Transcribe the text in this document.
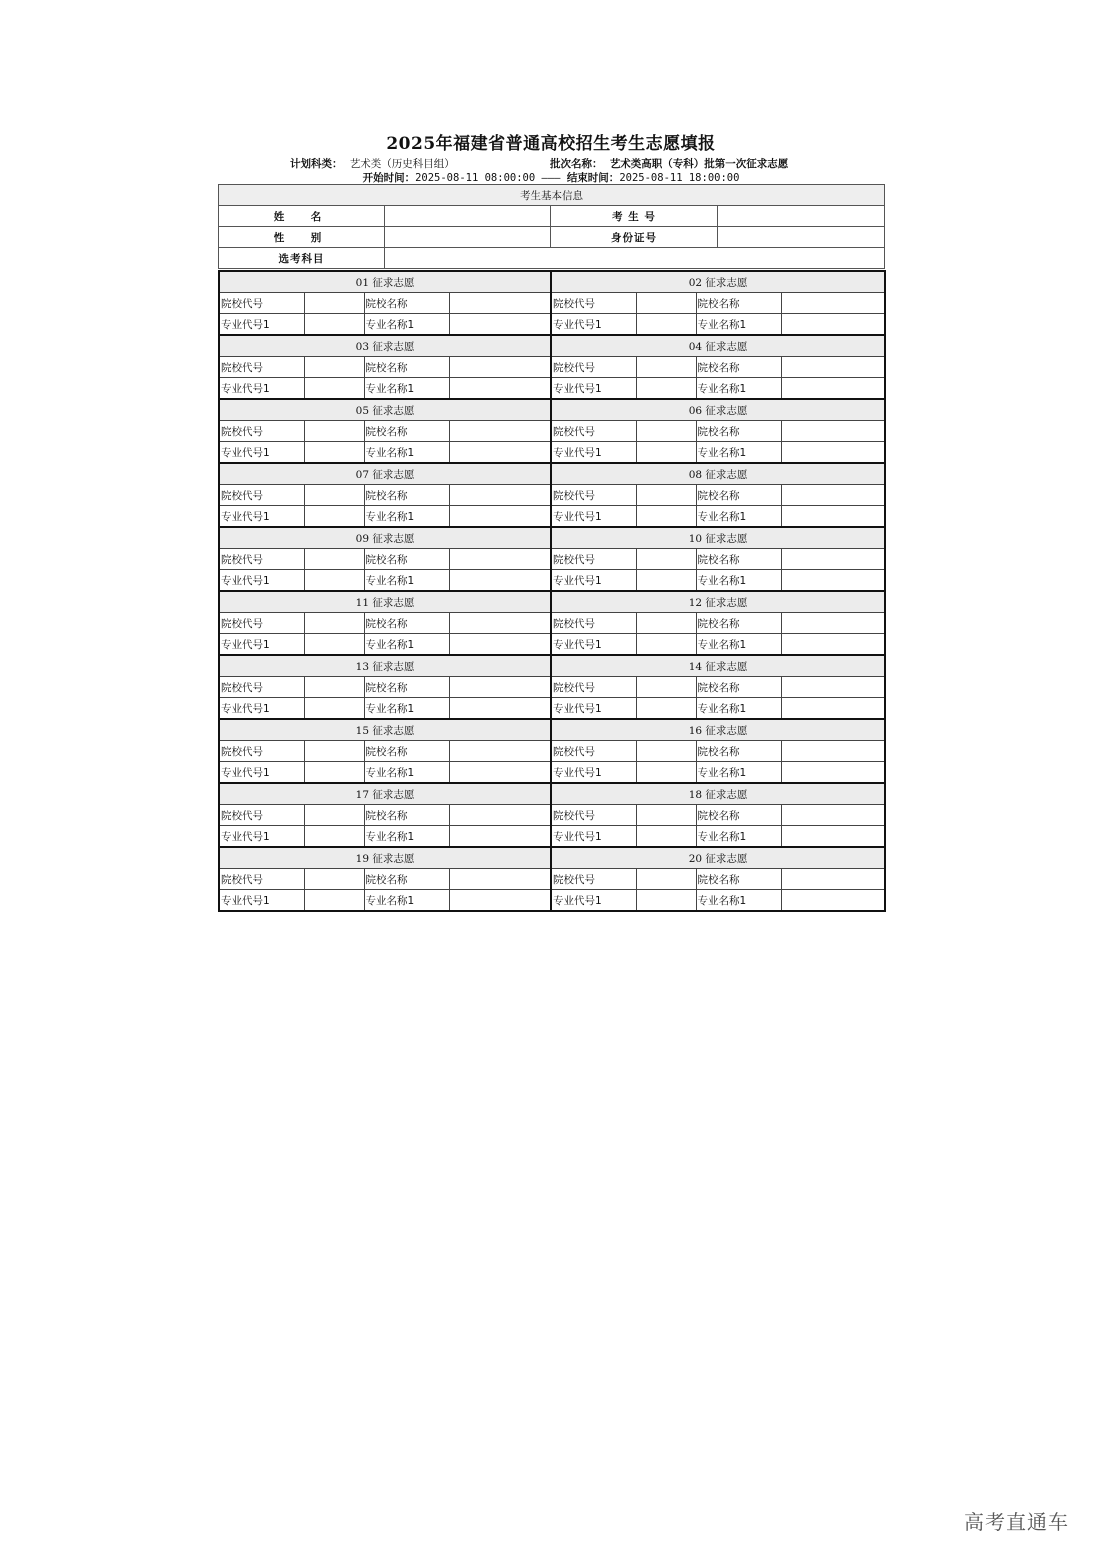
2025年福建省普通高校招生考生志愿填报
计划科类： 艺术类（历史科目组）	批次名称： 艺术类高职（专科）批第一次征求志愿
开始时间：2025-08-11 08:00:00 ——— 结束时间：2025-08-11 18:00:00
考生基本信息			
姓　名		考 生 号	
性　别		身份证号	
选考科目			
01 征求志愿				02 征求志愿			
院校代号		院校名称		院校代号		院校名称	
专业代号1		专业名称1		专业代号1		专业名称1	
03 征求志愿				04 征求志愿			
院校代号		院校名称		院校代号		院校名称	
专业代号1		专业名称1		专业代号1		专业名称1	
05 征求志愿				06 征求志愿			
院校代号		院校名称		院校代号		院校名称	
专业代号1		专业名称1		专业代号1		专业名称1	
07 征求志愿				08 征求志愿			
院校代号		院校名称		院校代号		院校名称	
专业代号1		专业名称1		专业代号1		专业名称1	
09 征求志愿				10 征求志愿			
院校代号		院校名称		院校代号		院校名称	
专业代号1		专业名称1		专业代号1		专业名称1	
11 征求志愿				12 征求志愿			
院校代号		院校名称		院校代号		院校名称	
专业代号1		专业名称1		专业代号1		专业名称1	
13 征求志愿				14 征求志愿			
院校代号		院校名称		院校代号		院校名称	
专业代号1		专业名称1		专业代号1		专业名称1	
15 征求志愿				16 征求志愿			
院校代号		院校名称		院校代号		院校名称	
专业代号1		专业名称1		专业代号1		专业名称1	
17 征求志愿				18 征求志愿			
院校代号		院校名称		院校代号		院校名称	
专业代号1		专业名称1		专业代号1		专业名称1	
19 征求志愿				20 征求志愿			
院校代号		院校名称		院校代号		院校名称	
专业代号1		专业名称1		专业代号1		专业名称1	
高考直通车
